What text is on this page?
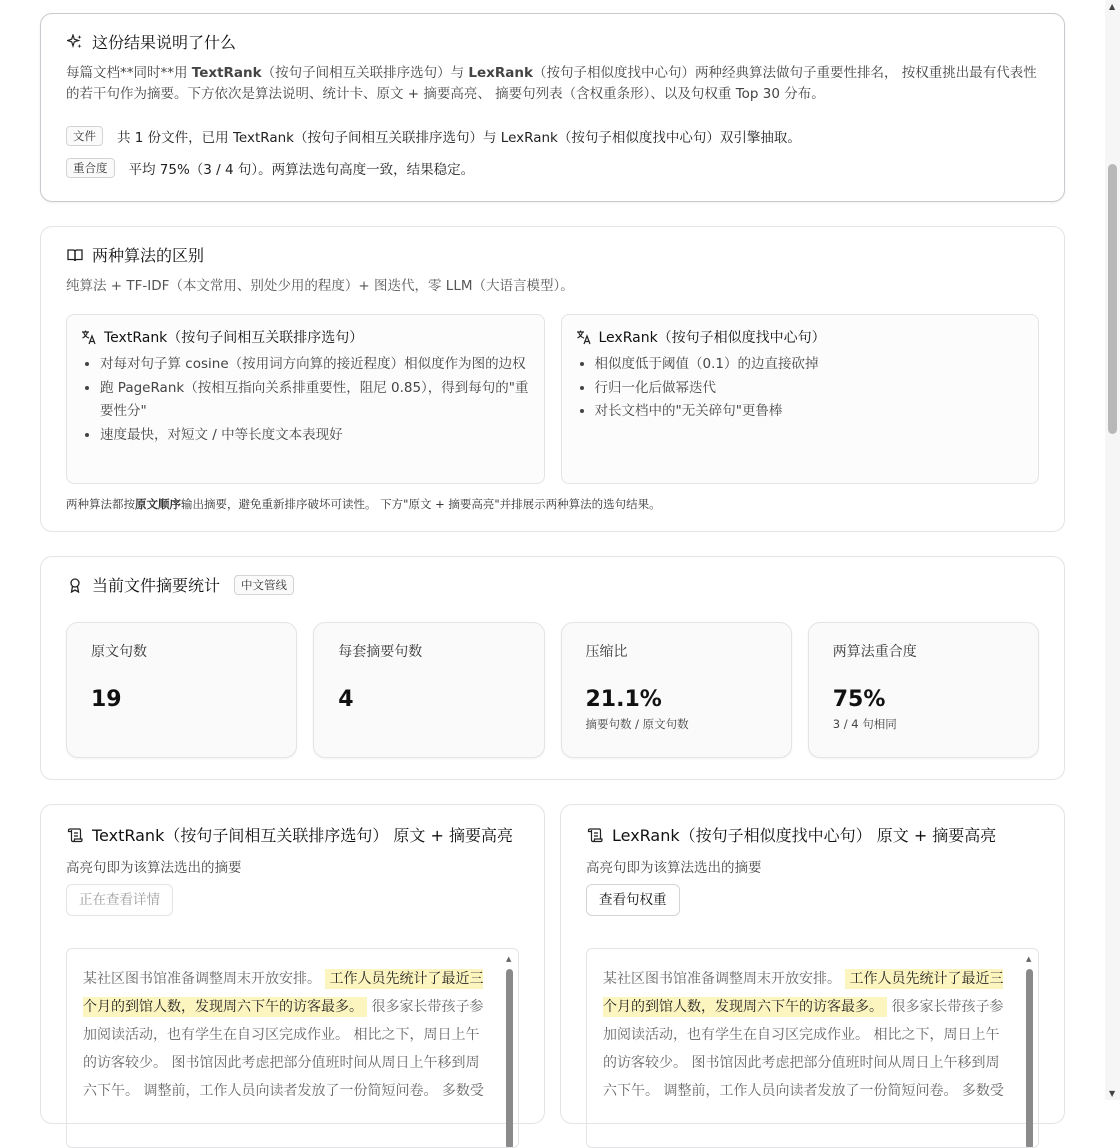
这份结果说明了什么
每篇文档**同时**用 TextRank（按句子间相互关联排序选句）与 LexRank（按句子相似度找中心句）两种经典算法做句子重要性排名， 按权重挑出最有代表性的若干句作为摘要。下方依次是算法说明、统计卡、原文 + 摘要高亮、 摘要句列表（含权重条形）、以及句权重 Top 30 分布。
文件	共 1 份文件，已用 TextRank（按句子间相互关联排序选句）与 LexRank（按句子相似度找中心句）双引擎抽取。
重合度	平均 75%（3 / 4 句）。两算法选句高度一致，结果稳定。
两种算法的区别
纯算法 + TF-IDF（本文常用、别处少用的程度）+ 图迭代，零 LLM（大语言模型）。
TextRank（按句子间相互关联排序选句）
• 对每对句子算 cosine（按用词方向算的接近程度）相似度作为图的边权
• 跑 PageRank（按相互指向关系排重要性，阻尼 0.85），得到每句的"重要性分"
• 速度最快，对短文 / 中等长度文本表现好
LexRank（按句子相似度找中心句）
• 相似度低于阈值（0.1）的边直接砍掉
• 行归一化后做幂迭代
• 对长文档中的"无关碎句"更鲁棒
两种算法都按原文顺序输出摘要，避免重新排序破坏可读性。 下方"原文 + 摘要高亮"并排展示两种算法的选句结果。
当前文件摘要统计	中文管线
原文句数
19
每套摘要句数
4
压缩比
21.1%
摘要句数 / 原文句数
两算法重合度
75%
3 / 4 句相同
TextRank（按句子间相互关联排序选句） 原文 + 摘要高亮
高亮句即为该算法选出的摘要
正在查看详情
某社区图书馆准备调整周末开放安排。 工作人员先统计了最近三个月的到馆人数，发现周六下午的访客最多。 很多家长带孩子参加阅读活动，也有学生在自习区完成作业。 相比之下，周日上午的访客较少。 图书馆因此考虑把部分值班时间从周日上午移到周六下午。 调整前，工作人员向读者发放了一份简短问卷。 多数受
▲
LexRank（按句子相似度找中心句） 原文 + 摘要高亮
高亮句即为该算法选出的摘要
查看句权重
某社区图书馆准备调整周末开放安排。 工作人员先统计了最近三个月的到馆人数，发现周六下午的访客最多。 很多家长带孩子参加阅读活动，也有学生在自习区完成作业。 相比之下，周日上午的访客较少。 图书馆因此考虑把部分值班时间从周日上午移到周六下午。 调整前，工作人员向读者发放了一份简短问卷。 多数受
▲
▲
▼
